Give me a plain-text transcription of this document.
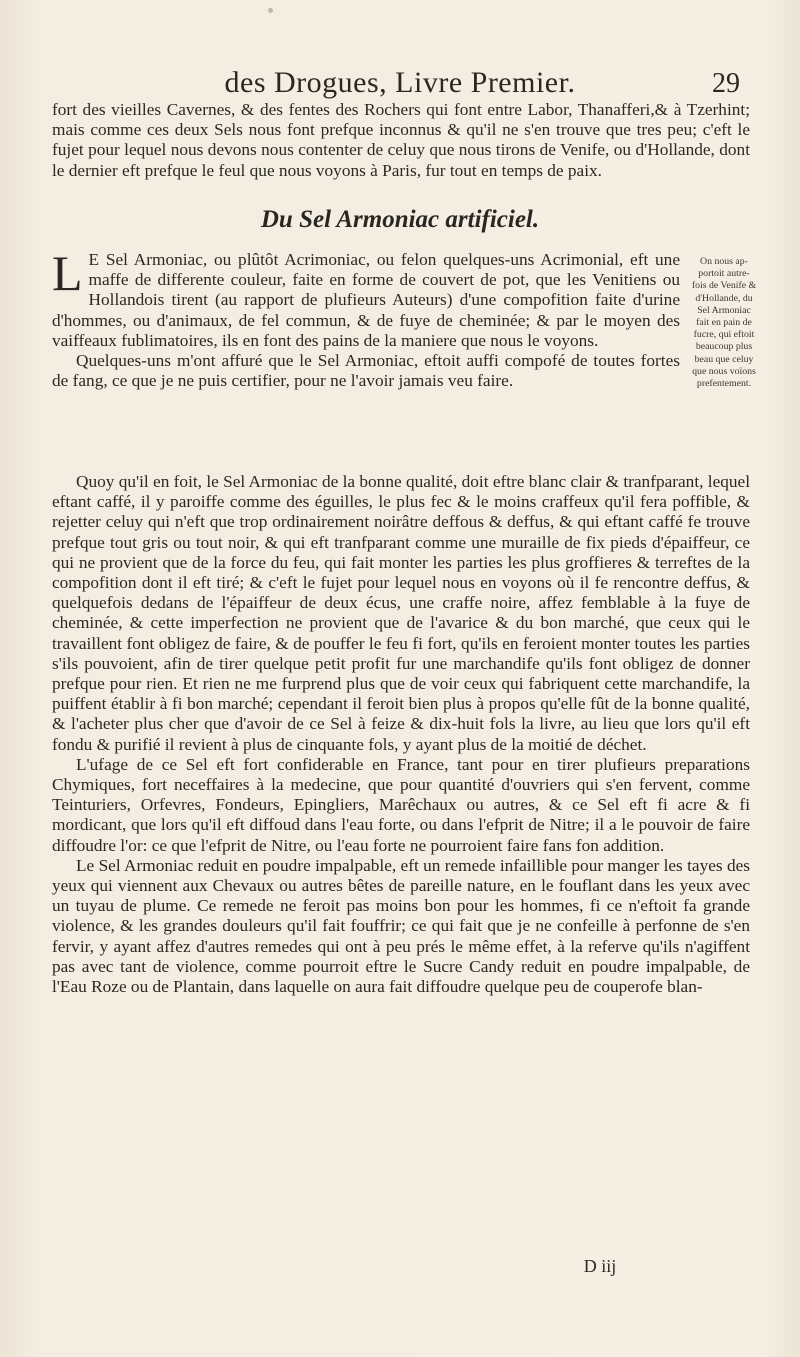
des Drogues, Livre Premier.	29

fort des vieilles Cavernes, & des fentes des Rochers qui font entre Labor, Thanafferi,& à Tzerhint; mais comme ces deux Sels nous font prefque inconnus & qu'il ne s'en trouve que tres peu; c'eft le fujet pour lequel nous devons nous contenter de celuy que nous tirons de Venife, ou d'Hollande, dont le dernier eft prefque le feul que nous voyons à Paris, fur tout en temps de paix.

Du Sel Armoniac artificiel.

L E Sel Armoniac, ou plûtôt Acrimoniac, ou felon quelques-uns Acrimonial, eft une maffe de differente couleur, faite en forme de couvert de pot, que les Venitiens ou Hollandois tirent (au rapport de plufieurs Auteurs) d'une compofition faite d'urine d'hommes, ou d'animaux, de fel commun, & de fuye de cheminée; & par le moyen des vaiffeaux fublimatoires, ils en font des pains de la maniere que nous le voyons.

Quelques-uns m'ont affuré que le Sel Armoniac, eftoit auffi compofé de toutes fortes de fang, ce que je ne puis certifier, pour ne l'avoir jamais veu faire.

On nous ap-
portoit autre-
fois de Venife &
d'Hollande, du
Sel Armoniac
fait en pain de
fucre, qui eftoit
beaucoup plus
beau que celuy
que nous voïons
prefentement.

Quoy qu'il en foit, le Sel Armoniac de la bonne qualité, doit eftre blanc clair & tranfparant, lequel eftant caffé, il y paroiffe comme des éguilles, le plus fec & le moins craffeux qu'il fera poffible, & rejetter celuy qui n'eft que trop ordinairement noirâtre deffous & deffus, & qui eftant caffé fe trouve prefque tout gris ou tout noir, & qui eft tranfparant comme une muraille de fix pieds d'épaiffeur, ce qui ne provient que de la force du feu, qui fait monter les parties les plus groffieres & terreftes de la compofition dont il eft tiré; & c'eft le fujet pour lequel nous en voyons où il fe rencontre deffus, & quelquefois dedans de l'épaiffeur de deux écus, une craffe noire, affez femblable à la fuye de cheminée, & cette imperfection ne provient que de l'avarice & du bon marché, que ceux qui le travaillent font obligez de faire, & de pouffer le feu fi fort, qu'ils en feroient monter toutes les parties s'ils pouvoient, afin de tirer quelque petit profit fur une marchandife qu'ils font obligez de donner prefque pour rien. Et rien ne me furprend plus que de voir ceux qui fabriquent cette marchandife, la puiffent établir à fi bon marché; cependant il feroit bien plus à propos qu'elle fût de la bonne qualité, & l'acheter plus cher que d'avoir de ce Sel à feize & dix-huit fols la livre, au lieu que lors qu'il eft fondu & purifié il revient à plus de cinquante fols, y ayant plus de la moitié de déchet.

L'ufage de ce Sel eft fort confiderable en France, tant pour en tirer plufieurs preparations Chymiques, fort neceffaires à la medecine, que pour quantité d'ouvriers qui s'en fervent, comme Teinturiers, Orfevres, Fondeurs, Epingliers, Marêchaux ou autres, & ce Sel eft fi acre & fi mordicant, que lors qu'il eft diffoud dans l'eau forte, ou dans l'efprit de Nitre; il a le pouvoir de faire diffoudre l'or: ce que l'efprit de Nitre, ou l'eau forte ne pourroient faire fans fon addition.

Le Sel Armoniac reduit en poudre impalpable, eft un remede infaillible pour manger les tayes des yeux qui viennent aux Chevaux ou autres bêtes de pareille nature, en le fouflant dans les yeux avec un tuyau de plume. Ce remede ne feroit pas moins bon pour les hommes, fi ce n'eftoit fa grande violence, & les grandes douleurs qu'il fait fouffrir; ce qui fait que je ne confeille à perfonne de s'en fervir, y ayant affez d'autres remedes qui ont à peu prés le même effet, à la referve qu'ils n'agiffent pas avec tant de violence, comme pourroit eftre le Sucre Candy reduit en poudre impalpable, de l'Eau Roze ou de Plantain, dans laquelle on aura fait diffoudre quelque peu de couperofe blan-

D iij
